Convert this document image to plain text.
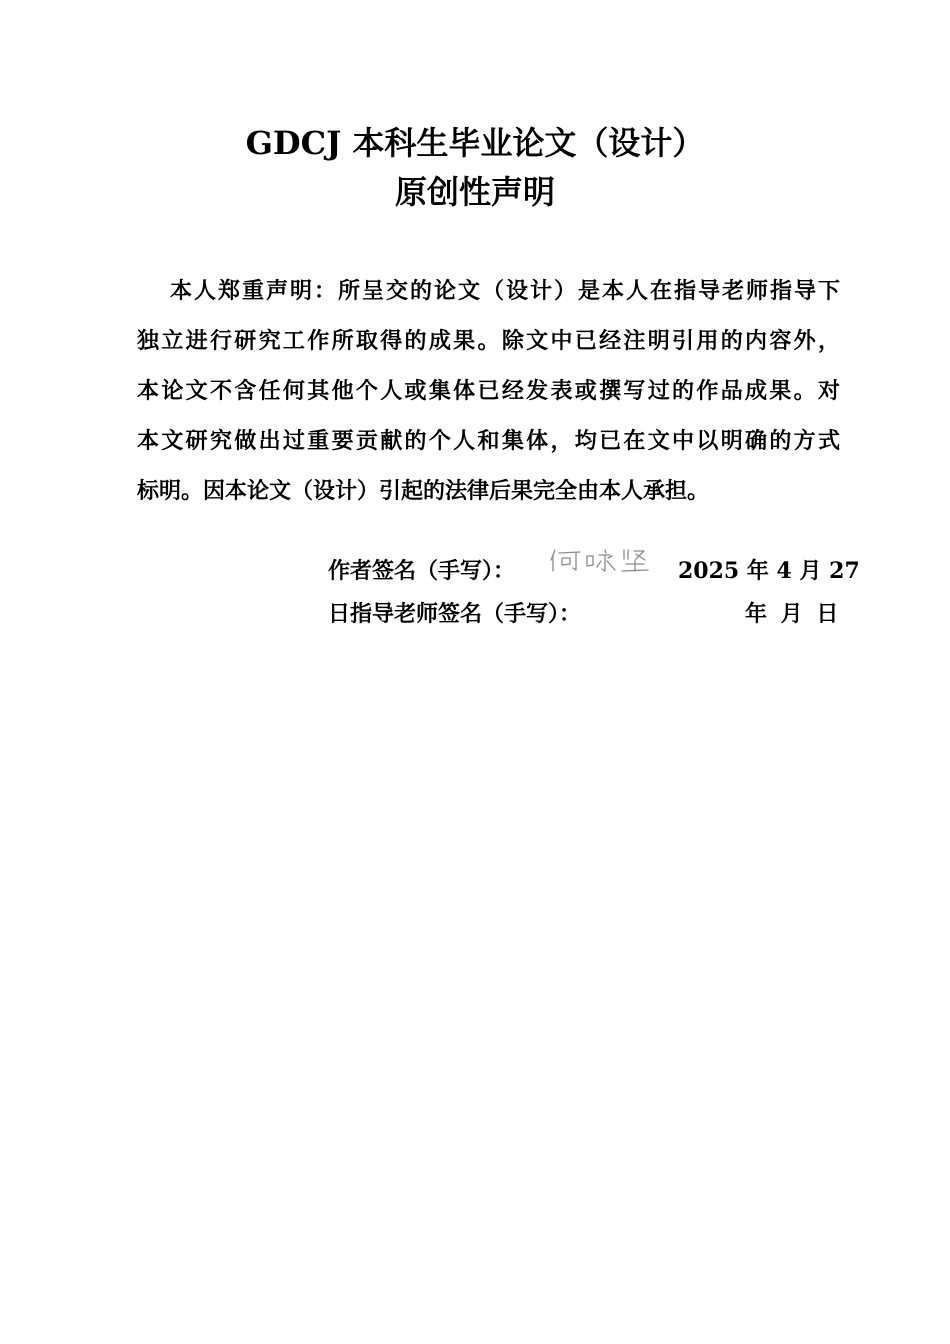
GDCJ 本科生毕业论文（设计）
原创性声明
本人郑重声明：所呈交的论文（设计）是本人在指导老师指导下
独立进行研究工作所取得的成果。除文中已经注明引用的内容外，
本论文不含任何其他个人或集体已经发表或撰写过的作品成果。对
本文研究做出过重要贡献的个人和集体，均已在文中以明确的方式
标明。因本论文（设计）引起的法律后果完全由本人承担。
作者签名（手写）：	2025 年 4 月 27
日指导老师签名（手写）：	年 月 日
